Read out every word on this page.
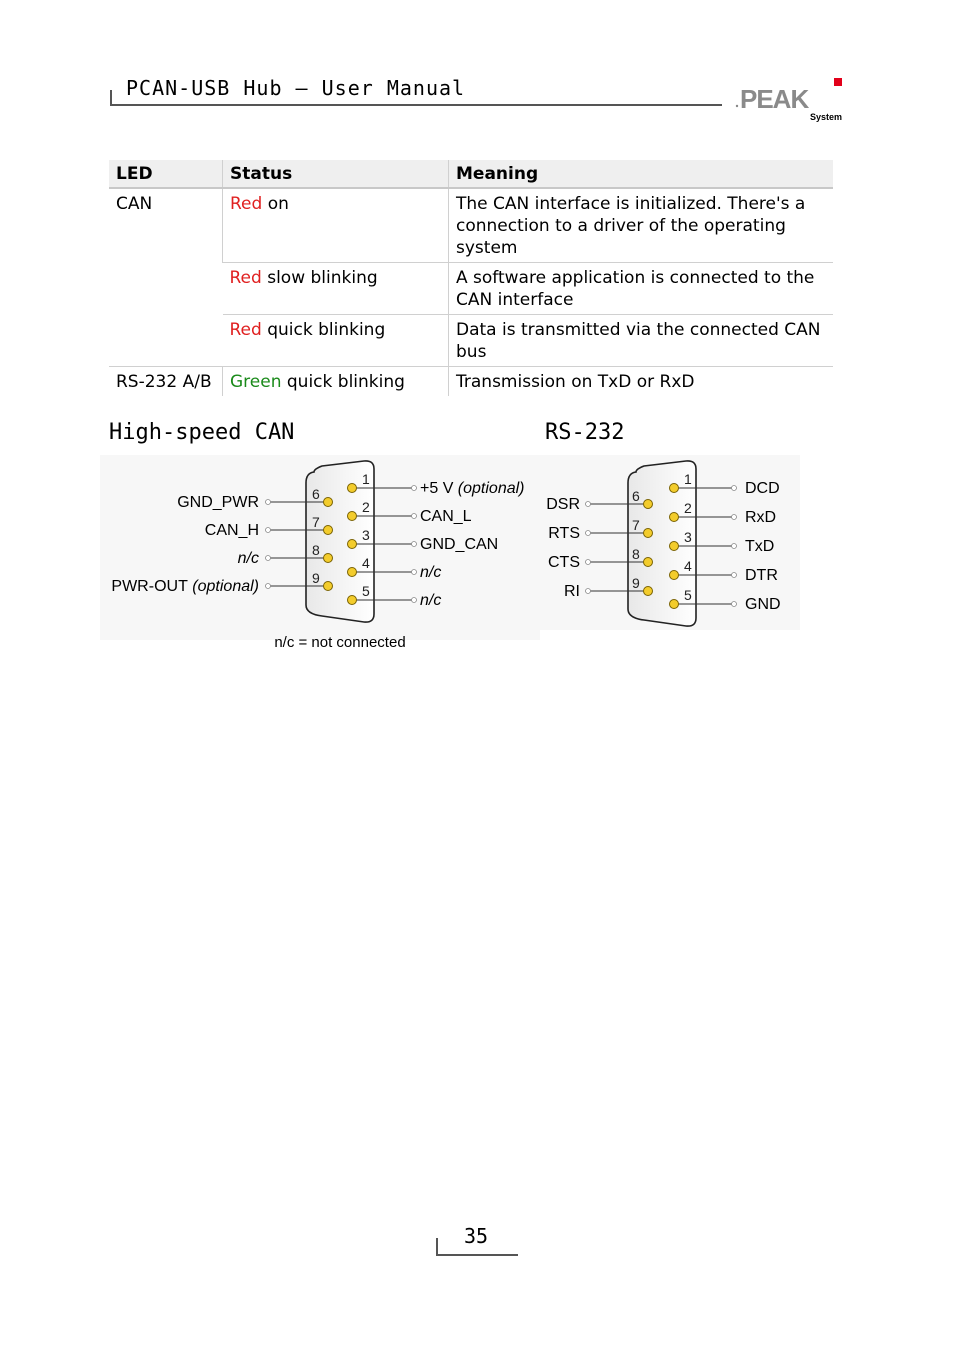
PCAN-USB Hub – User Manual	PEAK
System
LED	Status	Meaning
CAN	Red on	The CAN interface is initialized. There's a connection to a driver of the operating system
	Red slow blinking	A software application is connected to the CAN interface
	Red quick blinking	Data is transmitted via the connected CAN bus
RS-232 A/B	Green quick blinking	Transmission on TxD or RxD
High-speed CAN	RS-232
1
2
3
4
5
6
7
8
9
+5 V (optional)
CAN_L
GND_CAN
n/c
n/c
GND_PWR
CAN_H
n/c
PWR-OUT (optional)
n/c = not connected
1
2
3
4
5
6
7
8
9
DCD
RxD
TxD
DTR
GND
DSR
RTS
CTS
RI
35
